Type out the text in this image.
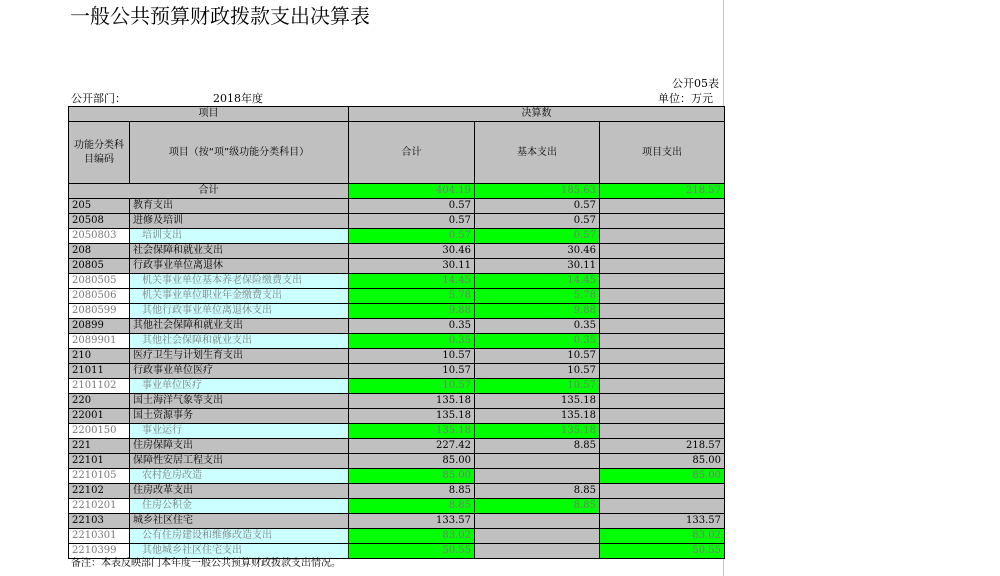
一般公共预算财政拨款支出决算表
公开05表
公开部门：	2018年度	单位：万元
项目		决算数		
功能分类科目编码	项目（按“项”级功能分类科目）	合计	基本支出	项目支出
合计		404.19	185.63	218.57
205	教育支出	0.57	0.57	
20508	进修及培训	0.57	0.57	
2050803	培训支出	0.57	0.57	
208	社会保障和就业支出	30.46	30.46	
20805	行政事业单位离退休	30.11	30.11	
2080505	机关事业单位基本养老保险缴费支出	14.45	14.45	
2080506	机关事业单位职业年金缴费支出	5.78	5.78	
2080599	其他行政事业单位离退休支出	9.88	9.88	
20899	其他社会保障和就业支出	0.35	0.35	
2089901	其他社会保障和就业支出	0.35	0.35	
210	医疗卫生与计划生育支出	10.57	10.57	
21011	行政事业单位医疗	10.57	10.57	
2101102	事业单位医疗	10.57	10.57	
220	国土海洋气象等支出	135.18	135.18	
22001	国土资源事务	135.18	135.18	
2200150	事业运行	135.18	135.18	
221	住房保障支出	227.42	8.85	218.57
22101	保障性安居工程支出	85.00		85.00
2210105	农村危房改造	85.00		85.00
22102	住房改革支出	8.85	8.85	
2210201	住房公积金	8.85	8.85	
22103	城乡社区住宅	133.57		133.57
2210301	公有住房建设和维修改造支出	83.02		83.02
2210399	其他城乡社区住宅支出	50.55		50.55
备注：本表反映部门本年度一般公共预算财政拨款支出情况。
